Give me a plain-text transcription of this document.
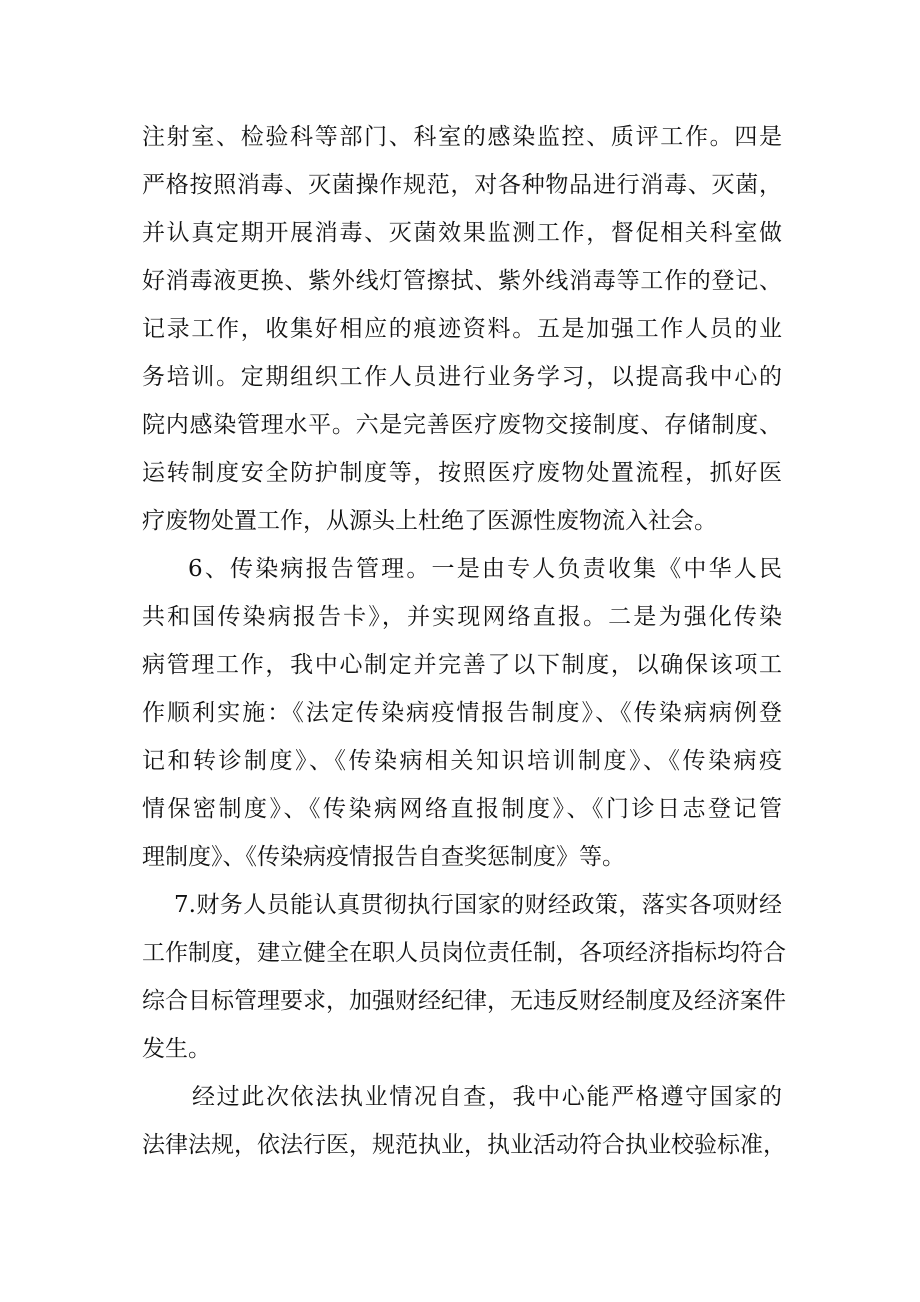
注射室、检验科等部门、科室的感染监控、质评工作。四是
严格按照消毒、灭菌操作规范，对各种物品进行消毒、灭菌，
并认真定期开展消毒、灭菌效果监测工作，督促相关科室做
好消毒液更换、紫外线灯管擦拭、紫外线消毒等工作的登记、
记录工作，收集好相应的痕迹资料。五是加强工作人员的业
务培训。定期组织工作人员进行业务学习，以提高我中心的
院内感染管理水平。六是完善医疗废物交接制度、存储制度、
运转制度安全防护制度等，按照医疗废物处置流程，抓好医
疗废物处置工作，从源头上杜绝了医源性废物流入社会。
6、传染病报告管理。一是由专人负责收集《中华人民
共和国传染病报告卡》，并实现网络直报。二是为强化传染
病管理工作，我中心制定并完善了以下制度，以确保该项工
作顺利实施：《法定传染病疫情报告制度》、《传染病病例登
记和转诊制度》、《传染病相关知识培训制度》、《传染病疫
情保密制度》、《传染病网络直报制度》、《门诊日志登记管
理制度》、《传染病疫情报告自查奖惩制度》等。
7.财务人员能认真贯彻执行国家的财经政策，落实各项财经
工作制度，建立健全在职人员岗位责任制，各项经济指标均符合
综合目标管理要求，加强财经纪律，无违反财经制度及经济案件
发生。
经过此次依法执业情况自查，我中心能严格遵守国家的
法律法规，依法行医，规范执业，执业活动符合执业校验标准，
